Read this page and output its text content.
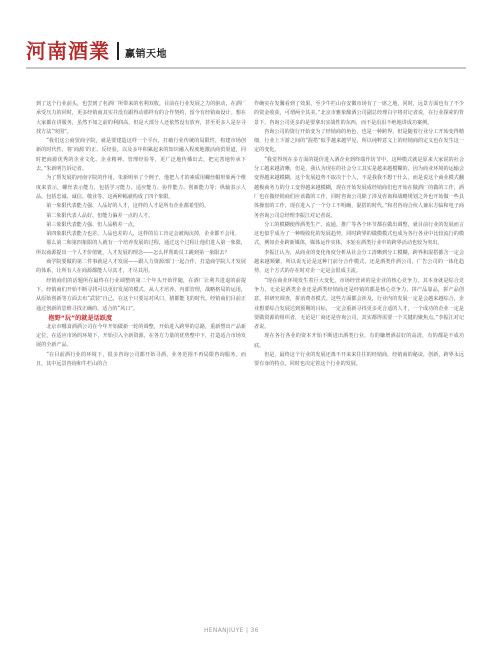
河南酒業 赢销天地

到了这个行业前头，也尝到了名酒厂所带来的名利双收。目前在行业发展之力的驱动，在酒厂承受压力的同时，更多经销商其实并没有跟得动那样有的合作契约，留今有经销商设计。想在大家都在讲服务，虽然不如之前的利润高，但是大部分人还依然没有放弃，甚至更多人是存寻找方法“突围”。

“我们这公商贸商字院，就是要建造这样一个平台，打破行业传统的局限性，构建市场创新的时代性，将‘商源’的正、反经验，以及多年积累起来的知识融入程度地激活商贸渠道，同时把商源优秀的企业文化、企业精神、管理经验等，更广泛地传播出去，把完善地传承下去。”朱新明告诉记者。

为了帮发展的河南字院的作用，朱新明举了个例子，他把人才的素质用螺丝帽形象两个维度来表示，螺丝表示能力，包括学习能力、适应能力、协作能力、创新能力等；纵轴表示人品，包括忠诚、诚信、敬业等。这两种幅就构成了四个象限。

第一象限代表能力强、人品好的人才，这样的人才是所有企业都希望的。

第二象限代表人品好、但能力偏差一点的人才。

第三象限代表能力强、但人品稍差一点。

第四象限代表能力也差、人品也差的人，这样的员工肯定会被淘汰掉，企业都不会用。

那么第二和第四象限的人就有一个培养发展的过程，通过这个过程让他们进入第一象限，所以商源提出一个人才价值链，人才发展的理念——怎么样帮助员工跳到第一象限去？

商学院要做的第二件事就是人才发展——跟人力资源部门一起合作，打造商学院人才发展的体系，让所有人在商源都能人尽其才，才尽其用。

经销商们的话题所在最终在行业调整的第二个年头开始伴随，在酒厂让利共进退的前提下，经销商们开始不断寻找可以更好发展的模式。从人才培养、内部管理，战略格局的运用，从原始创新等方面去布“武装”自己，在这个只要站对风口，猪都能飞的时代，经销商们目前正通过创新的思维寻找正确的、适合的“风口”。

抱野“玩”的就是话跃度

北京市哪食酒酒公司在今年开始做新一轮的调整，开始进入跨界的总路，重新塑出产品新定位，在适应市场的环境下，开始引入全新资源，在各方力量的优势整中下，打造适合市场发展的全新产品。

“在目前酒行业的环境下，很多咨询公司都开始寻酒，业务范围不再局限咨询服务。而且，其中远景咨询和牛栏山的合

作确实在发馨看到了效果。至少牛栏山在安徽市场有了一席之地，同时，远景方面也有了不少的资金收获，可谓两全其美。”北京市雅象酿酒公司副总经理白宇将对记者说，在行业探索的背景下，咨询公司更多的是要拿出实战性的东西，而不是沿沿不绝地讲成功案例。

咨询公司的资行开始变为了经销商的角色，也是一种跨界，但是随着行业分工开始变得精细，行业上下游之间的“混搭”似乎越来越罕见，所以纯粹意义上的经销商的定义也在发生这一定的变化。

“我觉得现在多方面的提价进入酒企业到终端作坊节中，这种模式就是原来大家说的社会分工越来越清晰，但是，我认为现在的社会分工其实是越来越模糊的，因为商业环境的运输会变得越来越模糊，这个发展趋势不取决于个人，不是我我不想干什么，而是说这个商业模式翻越极商务力的分工变得越来越模糊，现在开始发展成经销商们也开始在做酒厂的做的工作，酒厂也在做经销商们应该做的工作，同时咨询公司除了涉及咨询和战略规划之外也开始做一些具体操盘的工作，现在进入了一个分工不明确，混搭的时代。”和君咨询合伙人兼东方临和电子商务咨询公司总经理李振江对记者说。

分工的模糊使得酒类生产、流通、推广等各个环节都在做出调整，就目前行业的发展而言这也似乎成为了一种吸收化的发展趋势，同时跨界的做模模式也成为各行各业中比较流行的模式，例如企业跨新媒体，媒体运作实体，本轮在酒类行业中的跨界活动也较为突出。

李振江认为，从商业的变化角度分析从社会分工清晰到分工模糊，跨界和混搭都含一定会越来越频繁，所以说无论是这种门前分合作模式，还是酒类作酒公司，广告公司的一体化趋势，这个方式的存在时对企一定是会很成主流。

“现在商业环境发生着巨大变化，市场经营读的是企业的核心竞争力，其本身就是综合竞争力，无论是酒类企业还是酒类经销商还是经销的都是核心竞争力，拼产品靠品，拼产品创意，拼研究调查，拼消费者模式。这些方面都会涉及，行业内的发展一定是会越来越综合，企业想要综合发展达到预期的目标，一定会重新寻找更多更合适的人才，一个成功的企业一定是要做资源的组织者，无论是厂商还是咨询公司，其实都得需要一个关键的聚焦点。”李振江对记者说。

现在各行各业的资本开始不断进出酒类行业，有的嫌增酒益好的高清，有的都是不成功底。

但是，最终这个行业的发展还离不开来来往往的经销商，经销商的秘诀，创新，跨界永远要有身的特点，同时也决定着这个行业的发展。

HENANJIUYE | 36
